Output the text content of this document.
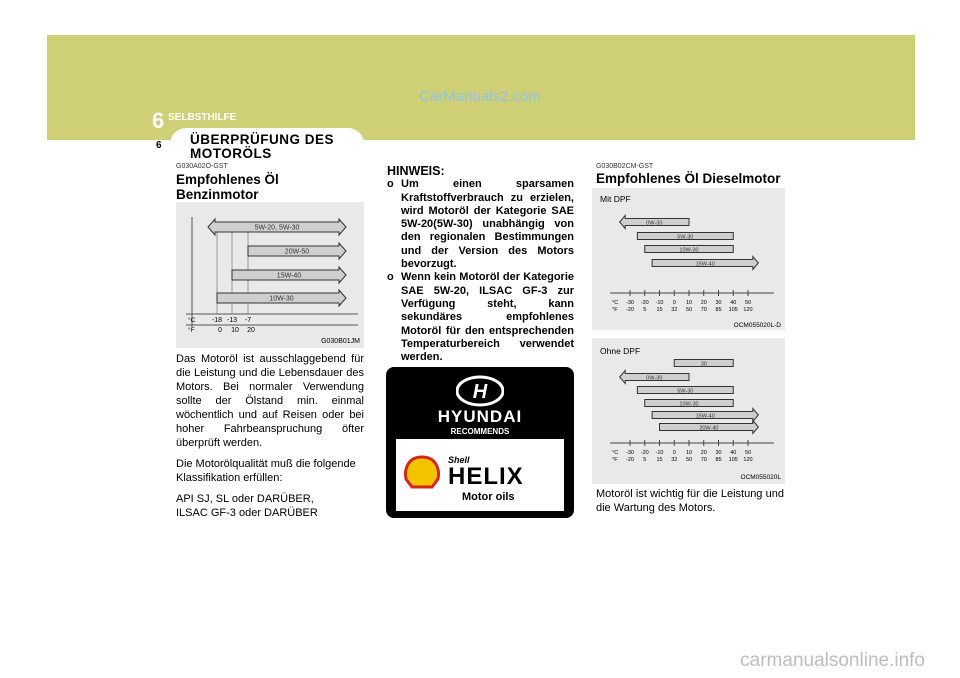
CarManuals2.com
6 SELBSTHILFE
6 ÜBERPRÜFUNG DES MOTORÖLS
G030A02O-GST
Empfohlenes Öl Benzinmotor
5W-20, 5W-30
20W-50
15W-40
10W-30
°C
°F
-18
0
-13
10
-7
20
G030B01JM

Das Motoröl ist ausschlaggebend für die Leistung und die Lebensdauer des Motors. Bei normaler Verwendung sollte der Ölstand min. einmal wöchentlich und auf Reisen oder bei hoher Fahrbeanspruchung öfter überprüft werden.

Die Motorölqualität muß die folgende Klassifikation erfüllen:

API SJ, SL oder DARÜBER,
ILSAC GF-3 oder DARÜBER

HINWEIS:
o Um einen sparsamen Kraftstoffverbrauch zu erzielen, wird Motoröl der Kategorie SAE 5W-20(5W-30) unabhängig von den regionalen Bestimmungen und der Version des Motors bevorzugt.
o Wenn kein Motoröl der Kategorie SAE 5W-20, ILSAC GF-3 zur Verfügung steht, kann sekundäres empfohlenes Motoröl für den entsprechenden Temperaturbereich verwendet werden.
H
HYUNDAI
RECOMMENDS
Shell
HELIX
Motor oils
G030B02CM-GST
Empfohlenes Öl Dieselmotor
Mit DPF
0W-30
5W-30
10W-30
15W-40
°C
°F
-30
-20
-20
5
-10
15
0
32
10
50
20
70
30
85
40
105
50
120
OCM055020L-D
Ohne DPF
30
0W-30
5W-30
10W-30
15W-40
20W-40
°C
°F
-30
-20
-20
5
-10
15
0
32
10
50
20
70
30
85
40
105
50
120
OCM055020L
Motoröl ist wichtig für die Leistung und die Wartung des Motors.
carmanualsonline.info
